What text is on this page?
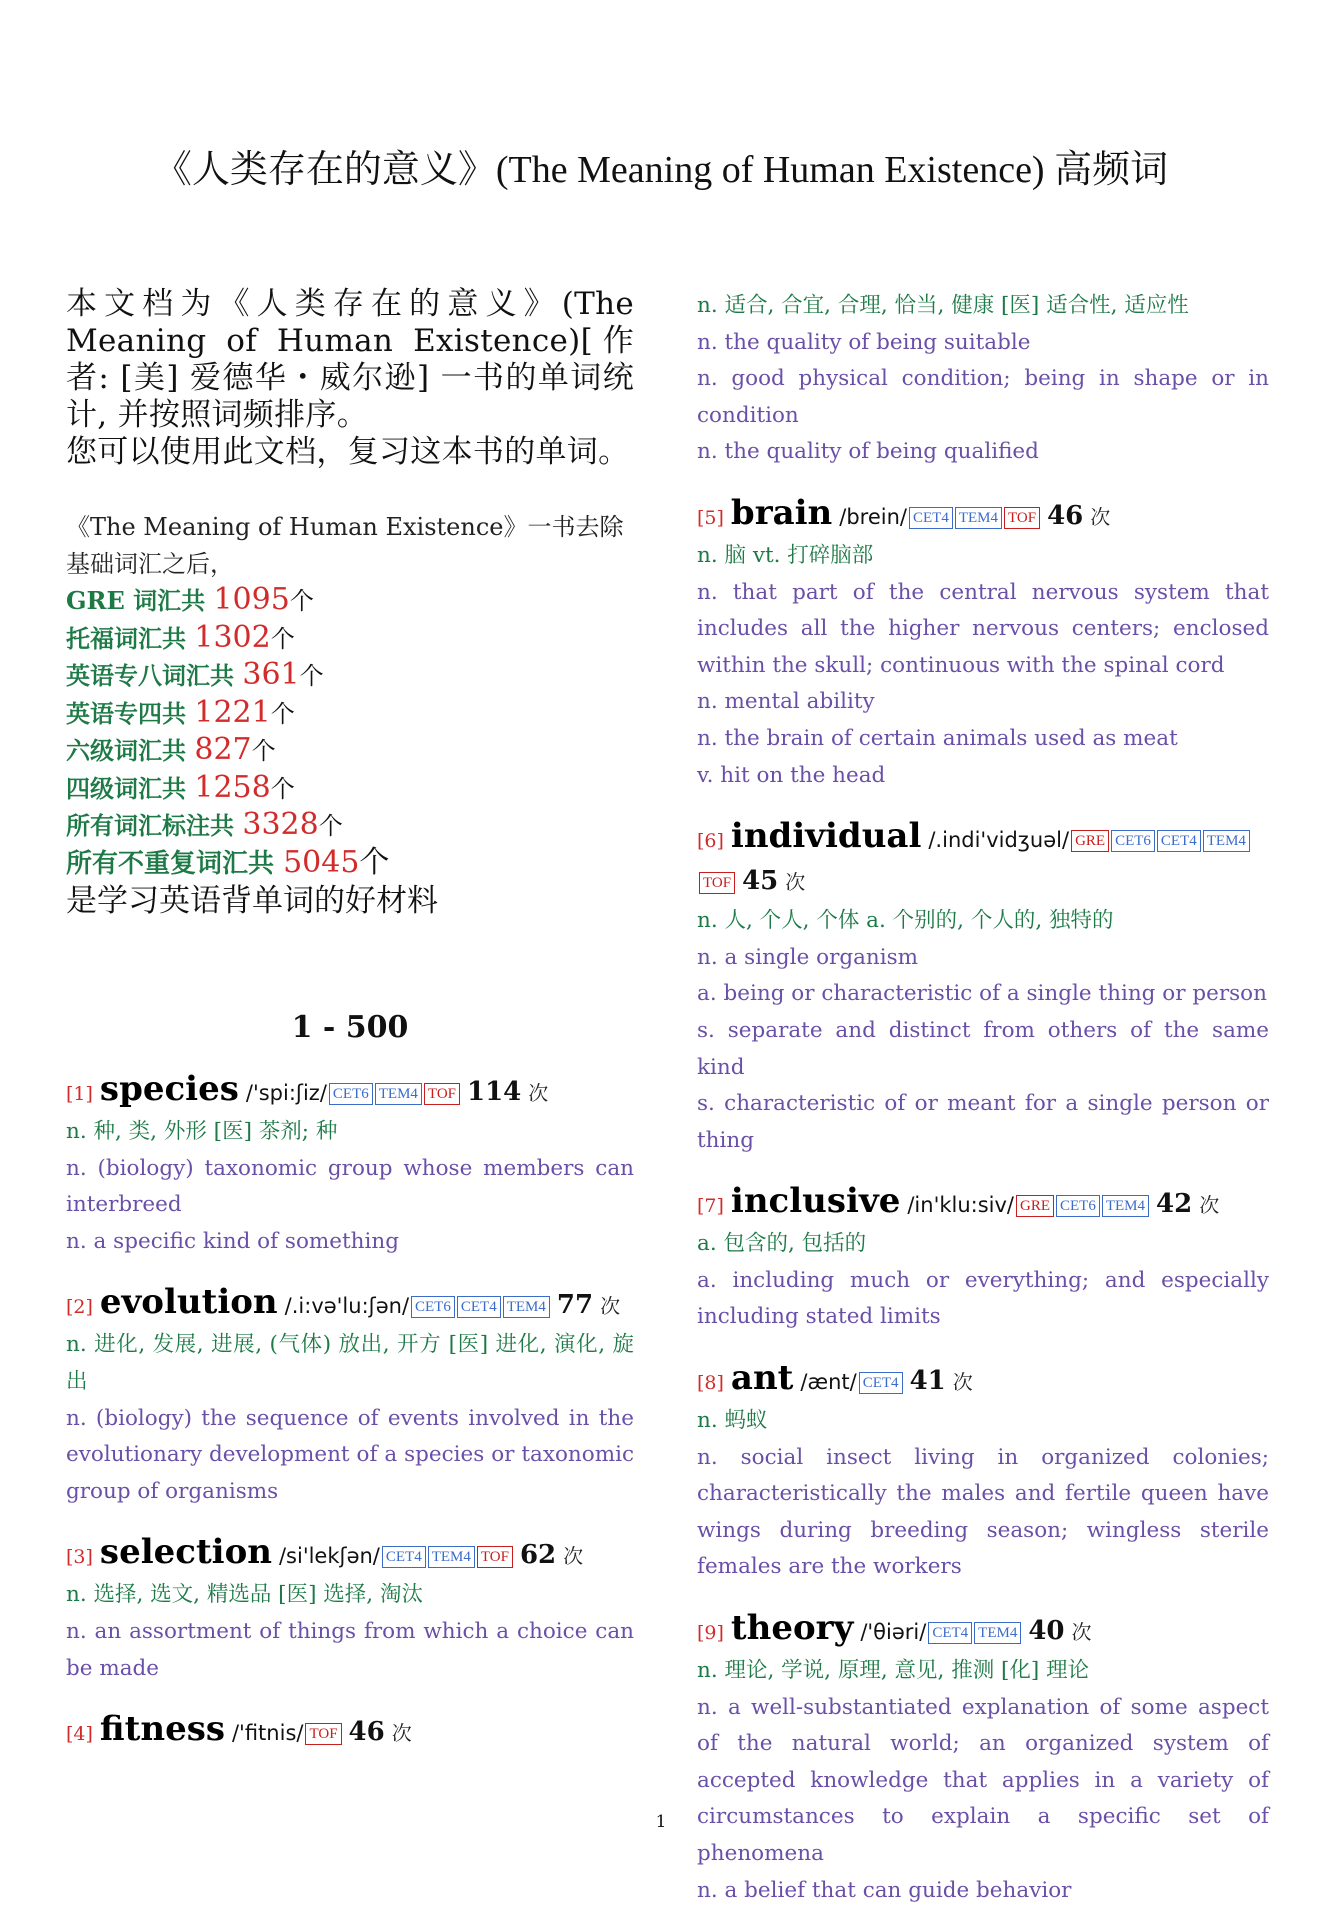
《人类存在的意义》(The Meaning of Human Existence) 高频词
本文档为《人类存在的意义》(The Meaning of Human Existence)[作者: [美] 爱德华・威尔逊] 一书的单词统计, 并按照词频排序。
您可以使用此文档，复习这本书的单词。
《The Meaning of Human Existence》一书去除基础词汇之后，
GRE 词汇共 1095个
托福词汇共 1302个
英语专八词汇共 361个
英语专四共 1221个
六级词汇共 827个
四级词汇共 1258个
所有词汇标注共 3328个
所有不重复词汇共 5045个
是学习英语背单词的好材料
1 - 500
[1] species /'spi:ʃiz/ CET6 TEM4 TOF 114 次
n. 种, 类, 外形 [医] 茶剂; 种
n. (biology) taxonomic group whose members can interbreed
n. a specific kind of something
[2] evolution /.i:və'lu:ʃən/ CET6 CET4 TEM4 77 次
n. 进化, 发展, 进展, (气体) 放出, 开方 [医] 进化, 演化, 旋出
n. (biology) the sequence of events involved in the evolutionary development of a species or taxonomic group of organisms
[3] selection /si'lekʃən/ CET4 TEM4 TOF 62 次
n. 选择, 选文, 精选品 [医] 选择, 淘汰
n. an assortment of things from which a choice can be made
[4] fitness /'fitnis/ TOF 46 次
n. 适合, 合宜, 合理, 恰当, 健康 [医] 适合性, 适应性
n. the quality of being suitable
n. good physical condition; being in shape or in condition
n. the quality of being qualified
[5] brain /brein/ CET4 TEM4 TOF 46 次
n. 脑 vt. 打碎脑部
n. that part of the central nervous system that includes all the higher nervous centers; enclosed within the skull; continuous with the spinal cord
n. mental ability
n. the brain of certain animals used as meat
v. hit on the head
[6] individual /.indi'vidʒuəl/ GRE CET6 CET4 TEM4TOF 45 次
n. 人, 个人, 个体 a. 个别的, 个人的, 独特的
n. a single organism
a. being or characteristic of a single thing or person
s. separate and distinct from others of the same kind
s. characteristic of or meant for a single person or thing
[7] inclusive /in'klu:siv/ GRE CET6 TEM4 42 次
a. 包含的, 包括的
a. including much or everything; and especially including stated limits
[8] ant /ænt/ CET4 41 次
n. 蚂蚁
n. social insect living in organized colonies; characteristically the males and fertile queen have wings during breeding season; wingless sterile females are the workers
[9] theory /'θiəri/ CET4 TEM4 40 次
n. 理论, 学说, 原理, 意见, 推测 [化] 理论
n. a well-substantiated explanation of some aspect of the natural world; an organized system of accepted knowledge that applies in a variety of circumstances to explain a specific set of phenomena
n. a belief that can guide behavior
1
